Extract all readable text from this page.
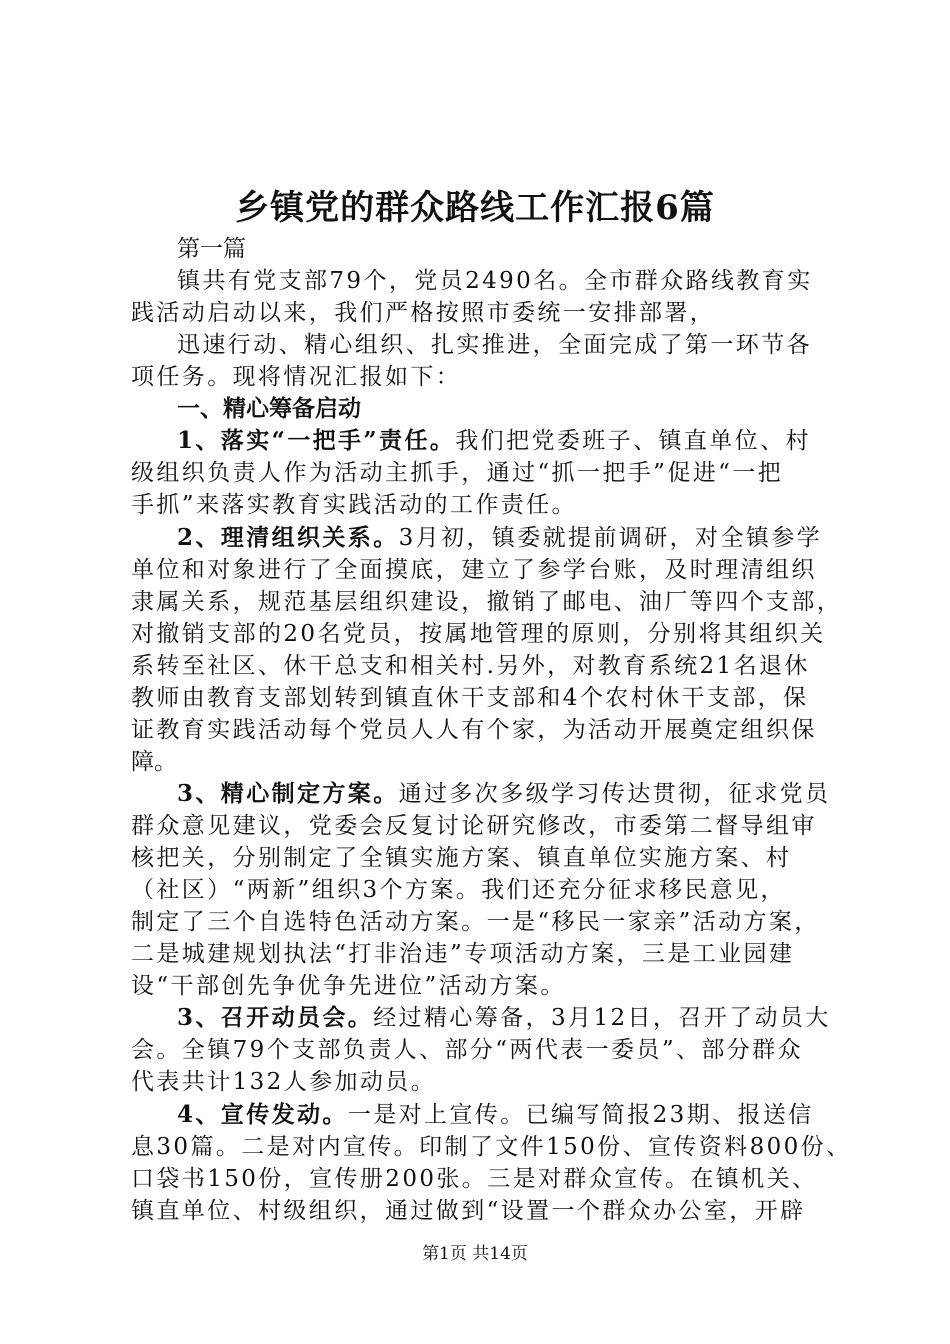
乡镇党的群众路线工作汇报6篇
第一篇
镇共有党支部79个，党员2490名。全市群众路线教育实
践活动启动以来，我们严格按照市委统一安排部署，
迅速行动、精心组织、扎实推进，全面完成了第一环节各
项任务。现将情况汇报如下：
一、精心筹备启动
1、落实“一把手”责任。我们把党委班子、镇直单位、村
级组织负责人作为活动主抓手，通过“抓一把手”促进“一把
手抓”来落实教育实践活动的工作责任。
2、理清组织关系。3月初，镇委就提前调研，对全镇参学
单位和对象进行了全面摸底，建立了参学台账，及时理清组织
隶属关系，规范基层组织建设，撤销了邮电、油厂等四个支部，
对撤销支部的20名党员，按属地管理的原则，分别将其组织关
系转至社区、休干总支和相关村.另外，对教育系统21名退休
教师由教育支部划转到镇直休干支部和4个农村休干支部，保
证教育实践活动每个党员人人有个家，为活动开展奠定组织保
障。
3、精心制定方案。通过多次多级学习传达贯彻，征求党员
群众意见建议，党委会反复讨论研究修改，市委第二督导组审
核把关，分别制定了全镇实施方案、镇直单位实施方案、村
（社区）“两新”组织3个方案。我们还充分征求移民意见，
制定了三个自选特色活动方案。一是“移民一家亲”活动方案，
二是城建规划执法“打非治违”专项活动方案，三是工业园建
设“干部创先争优争先进位”活动方案。
3、召开动员会。经过精心筹备，3月12日，召开了动员大
会。全镇79个支部负责人、部分“两代表一委员”、部分群众
代表共计132人参加动员。
4、宣传发动。一是对上宣传。已编写简报23期、报送信
息30篇。二是对内宣传。印制了文件150份、宣传资料800份、
口袋书150份，宣传册200张。三是对群众宣传。在镇机关、
镇直单位、村级组织，通过做到“设置一个群众办公室，开辟
第1页 共14页
